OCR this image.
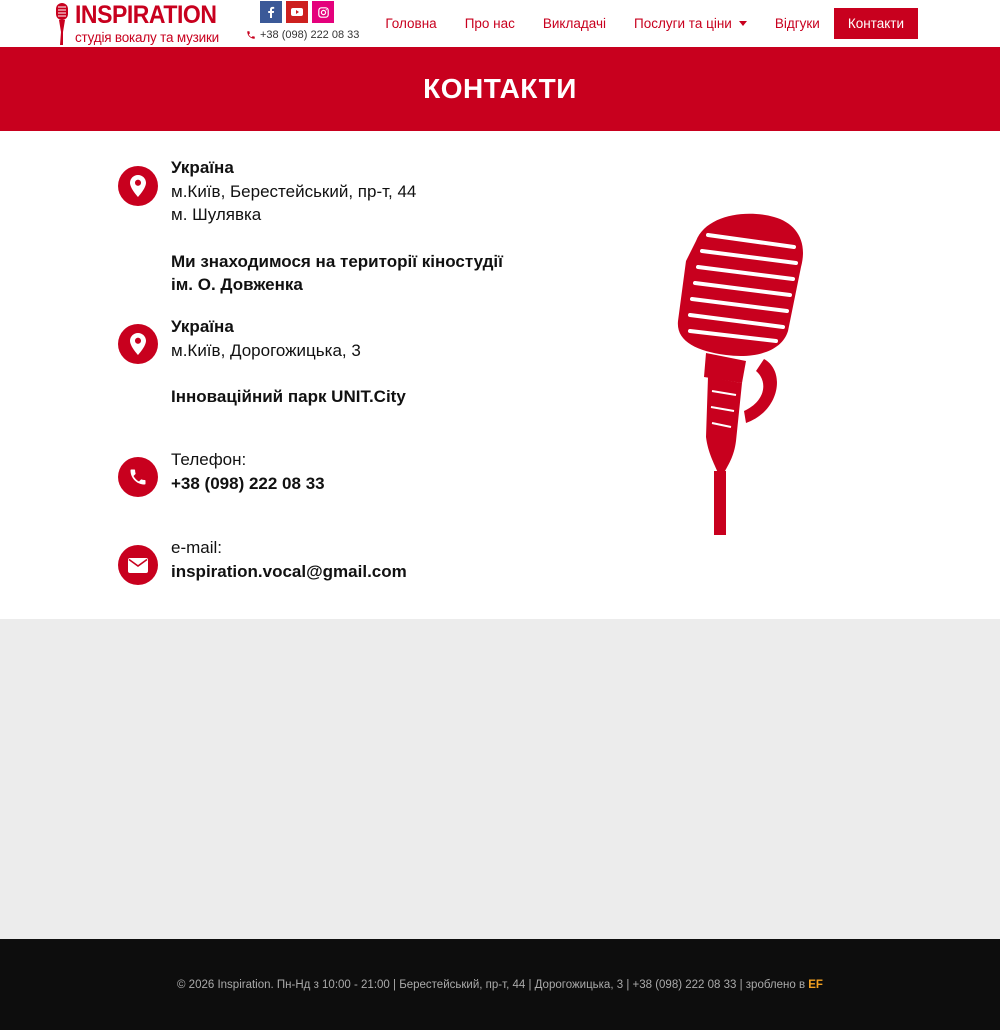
INSPIRATION
студія вокалу та музики	+38 (098) 222 08 33
Головна Про нас Викладачі Послуги та ціни	Відгуки Контакти
КОНТАКТИ
Україна
м.Київ, Берестейський, пр-т, 44
м. Шулявка
Ми знаходимося на території кіностудії
ім. О. Довженка
Україна
м.Київ, Дорогожицька, 3
Інноваційний парк UNIT.City
Телефон:
+38 (098) 222 08 33
e-mail:
inspiration.vocal@gmail.com
© 2026 Inspiration. Пн-Нд з 10:00 - 21:00 | Берестейський, пр-т, 44 | Дорогожицька, 3 | +38 (098) 222 08 33 | зроблено в EF
